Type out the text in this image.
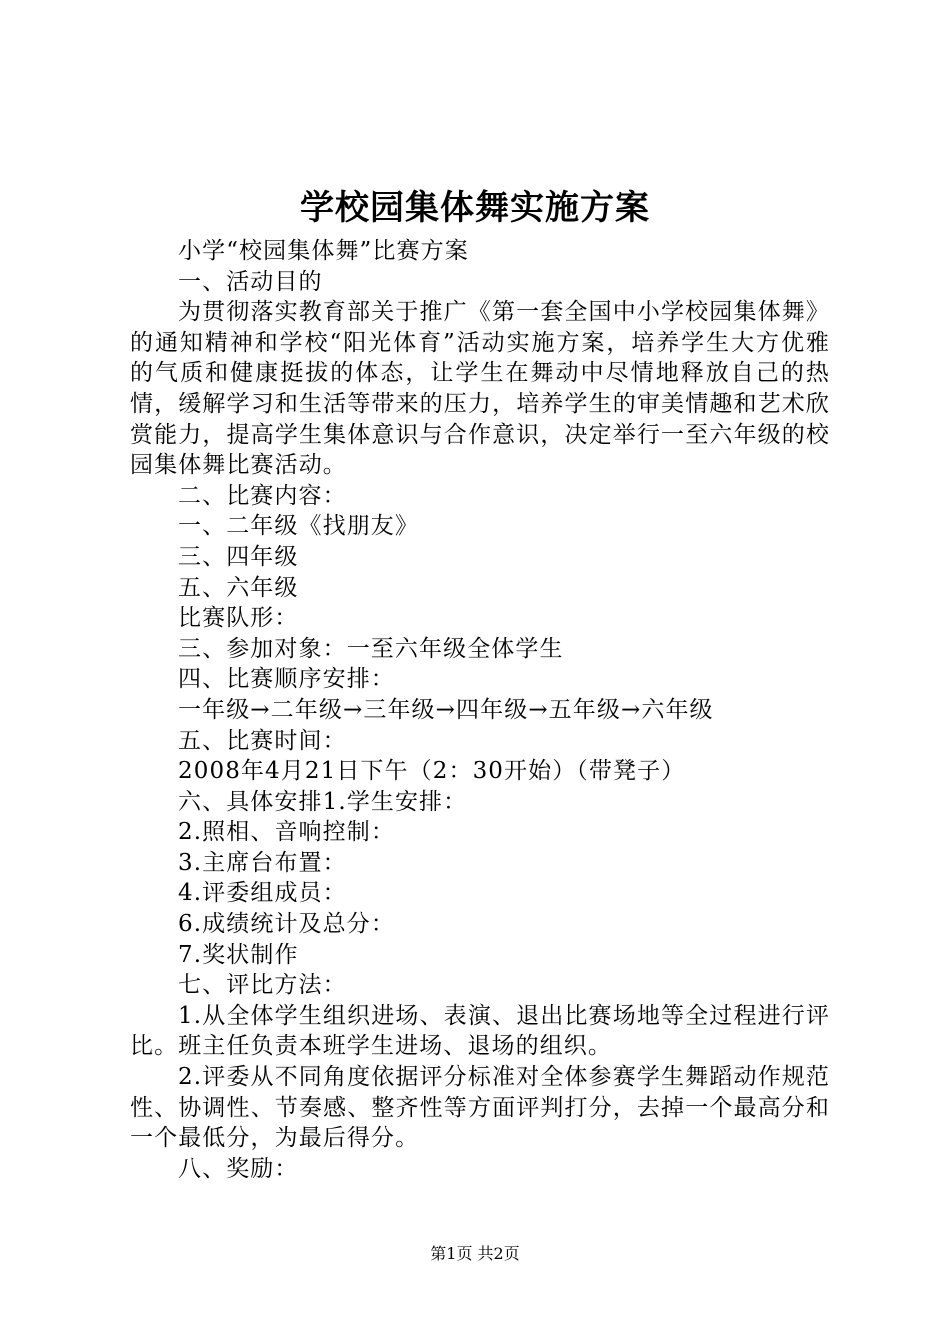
学校园集体舞实施方案

小学“校园集体舞”比赛方案

一、活动目的

为贯彻落实教育部关于推广《第一套全国中小学校园集体舞》的通知精神和学校“阳光体育”活动实施方案，培养学生大方优雅的气质和健康挺拔的体态，让学生在舞动中尽情地释放自己的热情，缓解学习和生活等带来的压力，培养学生的审美情趣和艺术欣赏能力，提高学生集体意识与合作意识，决定举行一至六年级的校园集体舞比赛活动。

二、比赛内容：

一、二年级《找朋友》

三、四年级

五、六年级

比赛队形：

三、参加对象：一至六年级全体学生

四、比赛顺序安排：

一年级→二年级→三年级→四年级→五年级→六年级

五、比赛时间：

2008年4月21日下午（2：30开始）（带凳子）

六、具体安排1.学生安排：

2.照相、音响控制：

3.主席台布置：

4.评委组成员：

6.成绩统计及总分：

7.奖状制作

七、评比方法：

1.从全体学生组织进场、表演、退出比赛场地等全过程进行评比。班主任负责本班学生进场、退场的组织。

2.评委从不同角度依据评分标准对全体参赛学生舞蹈动作规范性、协调性、节奏感、整齐性等方面评判打分，去掉一个最高分和一个最低分，为最后得分。

八、奖励：

第1页 共2页
